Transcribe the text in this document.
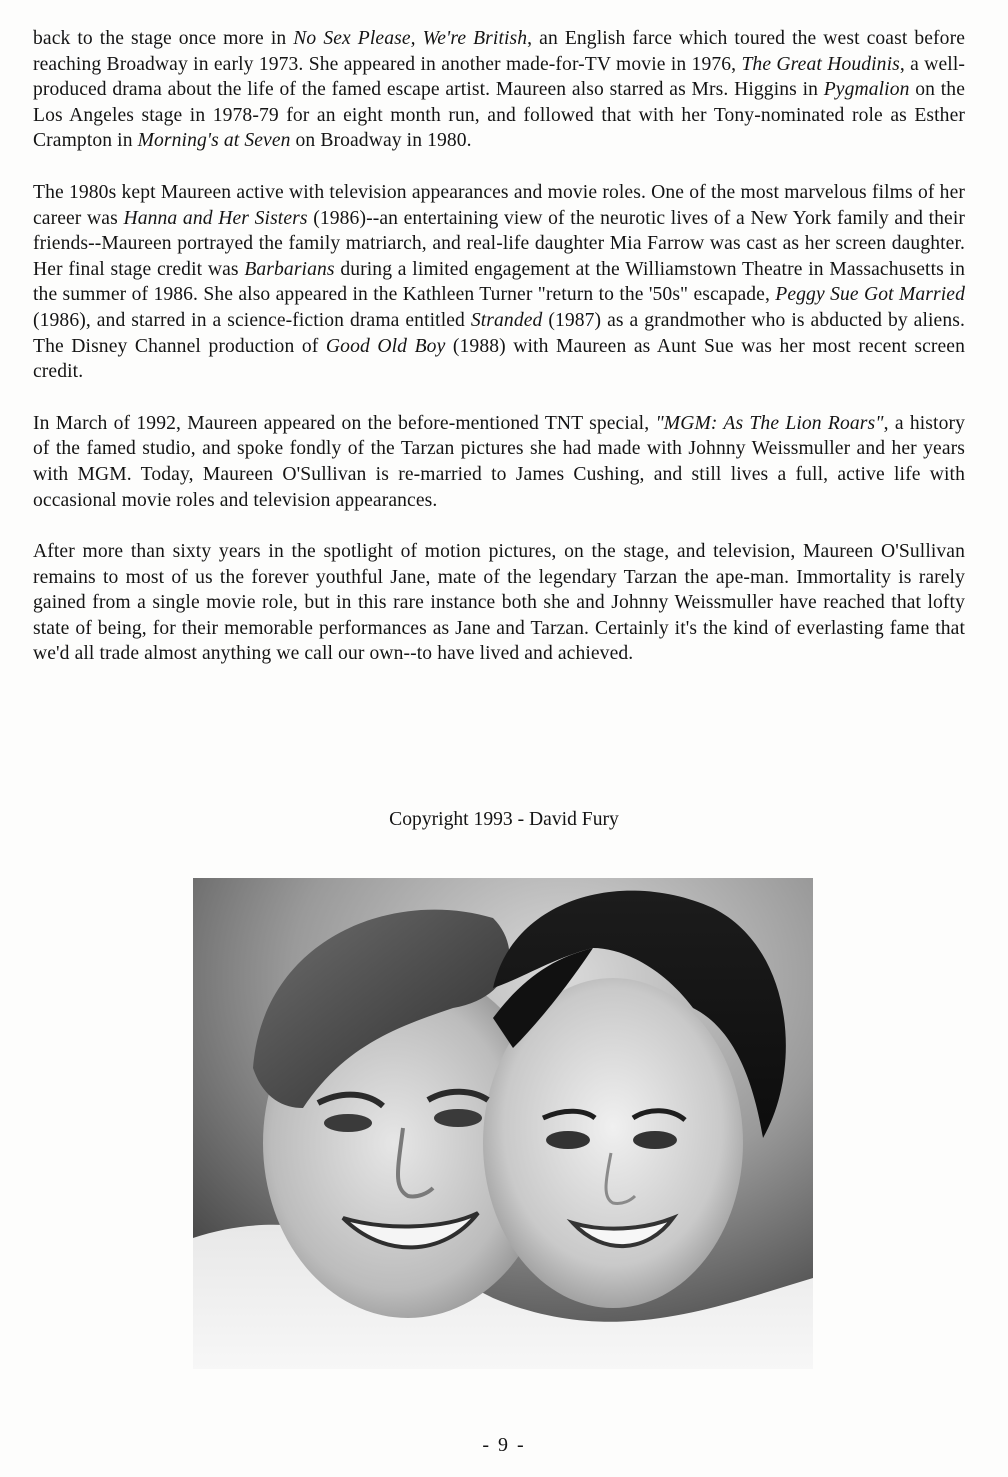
back to the stage once more in No Sex Please, We're British, an English farce which toured the west coast before reaching Broadway in early 1973. She appeared in another made-for-TV movie in 1976, The Great Houdinis, a well-produced drama about the life of the famed escape artist. Maureen also starred as Mrs. Higgins in Pygmalion on the Los Angeles stage in 1978-79 for an eight month run, and followed that with her Tony-nominated role as Esther Crampton in Morning's at Seven on Broadway in 1980.

The 1980s kept Maureen active with television appearances and movie roles. One of the most marvelous films of her career was Hanna and Her Sisters (1986)--an entertaining view of the neurotic lives of a New York family and their friends--Maureen portrayed the family matriarch, and real-life daughter Mia Farrow was cast as her screen daughter. Her final stage credit was Barbarians during a limited engagement at the Williamstown Theatre in Massachusetts in the summer of 1986. She also appeared in the Kathleen Turner "return to the '50s" escapade, Peggy Sue Got Married (1986), and starred in a science-fiction drama entitled Stranded (1987) as a grandmother who is abducted by aliens. The Disney Channel production of Good Old Boy (1988) with Maureen as Aunt Sue was her most recent screen credit.

In March of 1992, Maureen appeared on the before-mentioned TNT special, "MGM: As The Lion Roars", a history of the famed studio, and spoke fondly of the Tarzan pictures she had made with Johnny Weissmuller and her years with MGM. Today, Maureen O'Sullivan is re-married to James Cushing, and still lives a full, active life with occasional movie roles and television appearances.

After more than sixty years in the spotlight of motion pictures, on the stage, and television, Maureen O'Sullivan remains to most of us the forever youthful Jane, mate of the legendary Tarzan the ape-man. Immortality is rarely gained from a single movie role, but in this rare instance both she and Johnny Weissmuller have reached that lofty state of being, for their memorable performances as Jane and Tarzan. Certainly it's the kind of everlasting fame that we'd all trade almost anything we call our own--to have lived and achieved.

Copyright 1993 - David Fury
- 9 -
